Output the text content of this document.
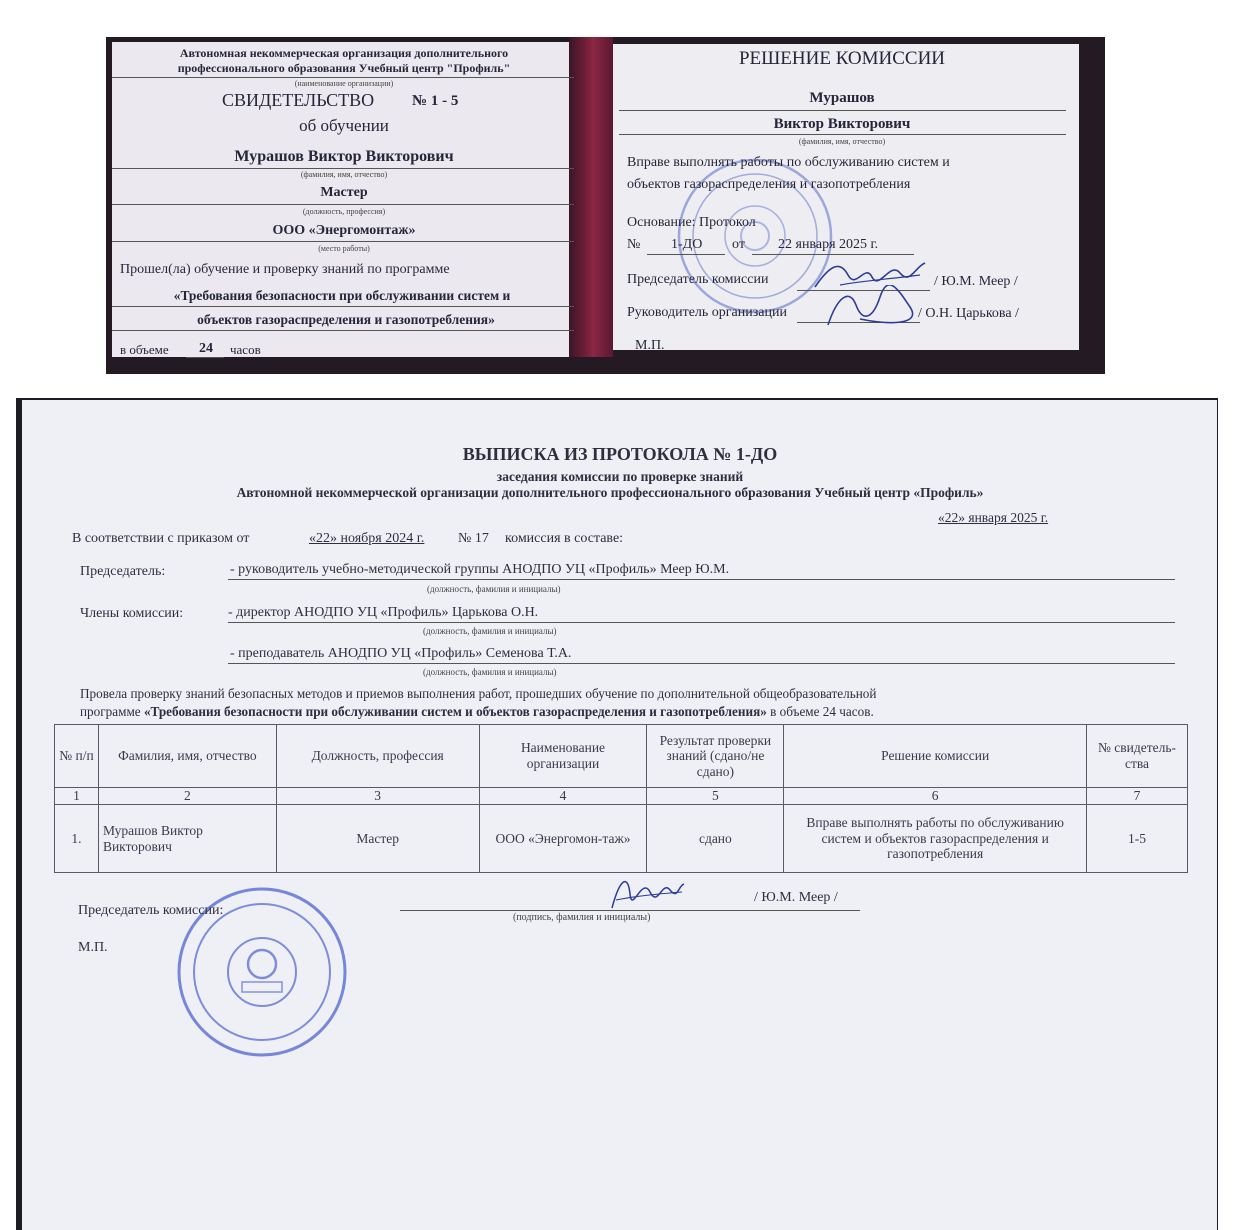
Автономная некоммерческая организация дополнительного
профессионального образования Учебный центр "Профиль"
(наименование организации)
СВИДЕТЕЛЬСТВО	№ 1 - 5
об обучении
Мурашов Виктор Викторович
(фамилия, имя, отчество)
Мастер
(должность, профессия)
ООО «Энергомонтаж»
(место работы)
Прошел(ла) обучение и проверку знаний по программе
«Требования безопасности при обслуживании систем и
объектов газораспределения и газопотребления»
в объеме 24 часов
РЕШЕНИЕ КОМИССИИ
Мурашов
Виктор Викторович
(фамилия, имя, отчество)
Вправе выполнять работы по обслуживанию систем и
объектов газораспределения и газопотребления
Основание: Протокол
№ 1-ДО от 22 января 2025 г.
Председатель комиссии	/ Ю.М. Меер /
Руководитель организации	/ О.Н. Царькова /
М.П.
ВЫПИСКА ИЗ ПРОТОКОЛА № 1-ДО
заседания комиссии по проверке знаний
Автономной некоммерческой организации дополнительного профессионального образования Учебный центр «Профиль»
«22» января 2025 г.
В соответствии с приказом от	«22» ноября 2024 г. № 17 комиссия в составе:
Председатель:	- руководитель учебно-методической группы АНОДПО УЦ «Профиль» Меер Ю.М.
(должность, фамилия и инициалы)
Члены комиссии:	- директор АНОДПО УЦ «Профиль» Царькова О.Н.
(должность, фамилия и инициалы)
- преподаватель АНОДПО УЦ «Профиль» Семенова Т.А.
(должность, фамилия и инициалы)
Провела проверку знаний безопасных методов и приемов выполнения работ, прошедших обучение по дополнительной общеобразовательной
программе «Требования безопасности при обслуживании систем и объектов газораспределения и газопотребления» в объеме 24 часов.
№ п/п	Фамилия, имя, отчество	Должность, профессия	Наименование организации	Результат проверки знаний (сдано/не сдано)	Решение комиссии	№ свидетель-ства
1	2	3	4	5	6	7
1.	Мурашов Виктор Викторович	Мастер	ООО «Энергомон-таж»	сдано	Вправе выполнять работы по обслуживанию систем и объектов газораспределения и газопотребления	1-5
Председатель комиссии:
/ Ю.М. Меер /
(подпись, фамилия и инициалы)
М.П.
